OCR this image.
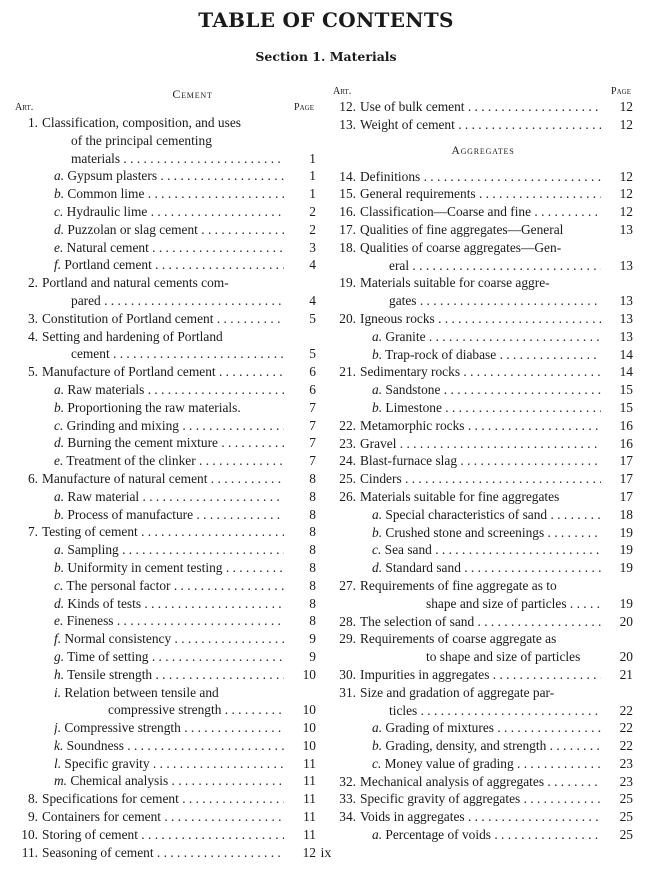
TABLE OF CONTENTS
Section 1. Materials
Cement
Art.	Page
1. Classification, composition, and uses
of the principal cementing
materials . . .	1
a. Gypsum plasters . . .	1
b. Common lime . . .	1
c. Hydraulic lime . . .	2
d. Puzzolan or slag cement . . .	2
e. Natural cement . . .	3
f. Portland cement . . .	4
2. Portland and natural cements com-
pared . . .	4
3. Constitution of Portland cement . . .	5
4. Setting and hardening of Portland
cement . . .	5
5. Manufacture of Portland cement . . .	6
a. Raw materials . . .	6
b. Proportioning the raw materials.	7
c. Grinding and mixing . . .	7
d. Burning the cement mixture . . .	7
e. Treatment of the clinker . . .	7
6. Manufacture of natural cement . . .	8
a. Raw material . . .	8
b. Process of manufacture . . .	8
7. Testing of cement . . .	8
a. Sampling . . .	8
b. Uniformity in cement testing . . .	8
c. The personal factor . . .	8
d. Kinds of tests . . .	8
e. Fineness . . .	8
f. Normal consistency . . .	9
g. Time of setting . . .	9
h. Tensile strength . . .	10
i. Relation between tensile and
compressive strength . . .	10
j. Compressive strength . . .	10
k. Soundness . . .	10
l. Specific gravity . . .	11
m. Chemical analysis . . .	11
8. Specifications for cement . . .	11
9. Containers for cement . . .	11
10. Storing of cement . . .	11
11. Seasoning of cement . . .	12
Art.	Page
12. Use of bulk cement . . .	12
13. Weight of cement . . .	12
Aggregates
14. Definitions . . .	12
15. General requirements . . .	12
16. Classification—Coarse and fine . . .	12
17. Qualities of fine aggregates—General	13
18. Qualities of coarse aggregates—Gen-
eral . . .	13
19. Materials suitable for coarse aggre-
gates . . .	13
20. Igneous rocks . . .	13
a. Granite . . .	13
b. Trap-rock of diabase . . .	14
21. Sedimentary rocks . . .	14
a. Sandstone . . .	15
b. Limestone . . .	15
22. Metamorphic rocks . . .	16
23. Gravel . . .	16
24. Blast-furnace slag . . .	17
25. Cinders . . .	17
26. Materials suitable for fine aggregates	17
a. Special characteristics of sand . . .	18
b. Crushed stone and screenings . . .	19
c. Sea sand . . .	19
d. Standard sand . . .	19
27. Requirements of fine aggregate as to
shape and size of particles . . .	19
28. The selection of sand . . .	20
29. Requirements of coarse aggregate as
to shape and size of particles	20
30. Impurities in aggregates . . .	21
31. Size and gradation of aggregate par-
ticles . . .	22
a. Grading of mixtures . . .	22
b. Grading, density, and strength . . .	22
c. Money value of grading . . .	23
32. Mechanical analysis of aggregates . . .	23
33. Specific gravity of aggregates . . .	25
34. Voids in aggregates . . .	25
a. Percentage of voids . . .	25
ix
